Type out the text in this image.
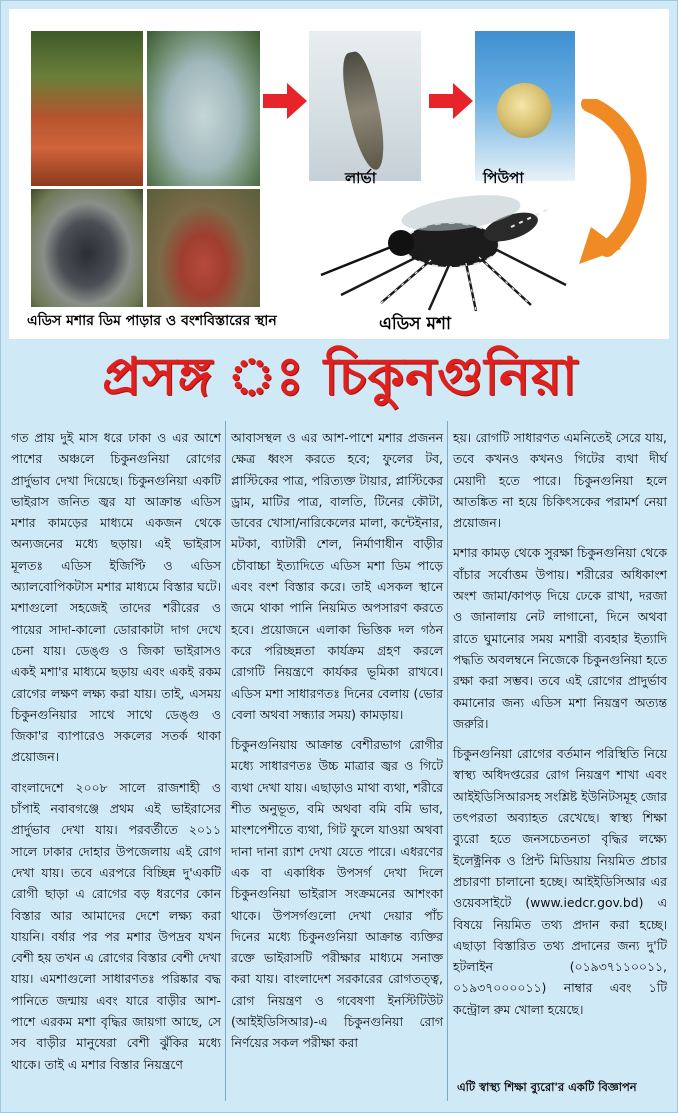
লার্ভা	পিউপা
এডিস মশার ডিম পাড়ার ও বংশবিস্তারের স্থান	এডিস মশা
প্রসঙ্গ ঃ চিকুনগুনিয়া

গত প্রায় দুই মাস ধরে ঢাকা ও এর আশে পাশের অঞ্চলে চিকুনগুনিয়া রোগের প্রার্দুভাব দেখা দিয়েছে। চিকুনগুনিয়া একটি ভাইরাস জনিত জ্বর যা আক্রান্ত এডিস মশার কামড়ের মাধ্যমে একজন থেকে অন্যজনের মধ্যে ছড়ায়। এই ভাইরাস মূলতঃ এডিস ইজিপ্টি ও এডিস অ্যালবোপিকটাস মশার মাধ্যমে বিস্তার ঘটে। মশাগুলো সহজেই তাদের শরীরের ও পায়ের সাদা-কালো ডোরাকাটা দাগ দেখে চেনা যায়। ডেঙ্গু ও জিকা ভাইরাসও একই মশা'র মাধ্যমে ছড়ায় এবং একই রকম রোগের লক্ষণ লক্ষ্য করা যায়। তাই, এসময় চিকুনগুনিয়ার সাথে সাথে ডেঙ্গু ও জিকা'র ব্যাপারেও সকলের সতর্ক থাকা প্রয়োজন।

বাংলাদেশে ২০০৮ সালে রাজশাহী ও চাঁপাই নবাবগঞ্জে প্রথম এই ভাইরাসের প্রার্দুভাব দেখা যায়। পরবর্তীতে ২০১১ সালে ঢাকার দোহার উপজেলায় এই রোগ দেখা যায়। তবে এরপরে বিচ্ছিন্ন দু'একটি রোগী ছাড়া এ রোগের বড় ধরণের কোন বিস্তার আর আমাদের দেশে লক্ষ্য করা যায়নি। বর্ষার পর পর মশার উপদ্রব যখন বেশী হয় তখন এ রোগের বিস্তার বেশী দেখা যায়। এমশাগুলো সাধারণতঃ পরিষ্কার বদ্ধ পানিতে জন্মায় এবং যারে বাড়ীর আশ-পাশে এরকম মশা বৃদ্ধির জায়গা আছে, সে সব বাড়ীর মানুষেরা বেশী ঝুঁকির মধ্যে থাকে। তাই এ মশার বিস্তার নিয়ন্ত্রণে

আবাসস্থল ও এর আশ-পাশে মশার প্রজনন ক্ষেত্র ধ্বংস করতে হবে; ফুলের টব, প্লাস্টিকের পাত্র, পরিত্যক্ত টায়ার, প্লাস্টিকের ড্রাম, মাটির পাত্র, বালতি, টিনের কৌটা, ডাবের খোসা/নারিকেলের মালা, কন্টেইনার, মটকা, ব্যাটারী শেল, নির্মাণাধীন বাড়ীর চৌবাচ্চা ইত্যাদিতে এডিস মশা ডিম পাড়ে এবং বংশ বিস্তার করে। তাই এসকল স্থানে জমে থাকা পানি নিয়মিত অপসারণ করতে হবে। প্রয়োজনে এলাকা ভিত্তিক দল গঠন করে পরিচ্ছন্নতা কার্যক্রম গ্রহণ করলে রোগটি নিয়ন্ত্রণে কার্যকর ভূমিকা রাখবে। এডিস মশা সাধারণতঃ দিনের বেলায় (ভোর বেলা অথবা সন্ধ্যার সময়) কামড়ায়।

চিকুনগুনিয়ায় আক্রান্ত বেশীরভাগ রোগীর মধ্যে সাধারণতঃ উচ্চ মাত্রার জ্বর ও গিটে ব্যথা দেখা যায়। এছাড়াও মাথা ব্যথা, শরীরে শীত অনুভূত, বমি অথবা বমি বমি ভাব, মাংশপেশীতে ব্যথা, গিট ফুলে যাওয়া অথবা দানা দানা র‌্যাশ দেখা যেতে পারে। এধরণের এক বা একাধিক উপসর্গ দেখা দিলে চিকুনগুনিয়া ভাইরাস সংক্রমনের আশংকা থাকে। উপসর্গগুলো দেখা দেয়ার পাঁচ দিনের মধ্যে চিকুনগুনিয়া আক্রান্ত ব্যক্তির রক্তে ভাইরাসটি পরীক্ষার মাধ্যমে সনাক্ত করা যায়। বাংলাদেশ সরকারের রোগতত্ত্ব, রোগ নিয়ন্ত্রণ ও গবেষণা ইনস্টিটিউট (আইইডিসিআর)-এ চিকুনগুনিয়া রোগ নির্ণয়ের সকল পরীক্ষা করা

হয়। রোগটি সাধারণত এমনিতেই সেরে যায়, তবে কখনও কখনও গিটের ব্যথা দীর্ঘ মেয়াদী হতে পারে। চিকুনগুনিয়া হলে আতঙ্কিত না হয়ে চিকিৎসকের পরামর্শ নেয়া প্রয়োজন।

মশার কামড় থেকে সুরক্ষা চিকুনগুনিয়া থেকে বাঁচার সর্বোত্তম উপায়। শরীরের অধিকাংশ অংশ জামা/কাপড় দিয়ে ঢেকে রাখা, দরজা ও জানালায় নেট লাগানো, দিনে অথবা রাতে ঘুমানোর সময় মশারী ব্যবহার ইত্যাদি পদ্ধতি অবলম্বনে নিজেকে চিকুনগুনিয়া হতে রক্ষা করা সম্ভব। তবে এই রোগের প্রাদুর্ভাব কমানোর জন্য এডিস মশা নিয়ন্ত্রণ অত্যন্ত জরুরি।

চিকুনগুনিয়া রোগের বর্তমান পরিস্থিতি নিয়ে স্বাস্থ্য অধিদপ্তরের রোগ নিয়ন্ত্রণ শাখা এবং আইইডিসিআরসহ সংশ্লিষ্ট ইউনিটসমূহ জোর তৎপরতা অব্যাহত রেখেছে। স্বাস্থ্য শিক্ষা ব্যুরো হতে জনসচেতনতা বৃদ্ধির লক্ষ্যে ইলেক্ট্রনিক ও প্রিন্ট মিডিয়ায় নিয়মিত প্রচার প্রচারণা চালানো হচ্ছে। আইইডিসিআর এর ওয়েবসাইটে (www.iedcr.gov.bd) এ বিষয়ে নিয়মিত তথ্য প্রদান করা হচ্ছে। এছাড়া বিস্তারিত তথ্য প্রদানের জন্য দু'টি হটলাইন (০১৯৩৭১১০০১১, ০১৯৩৭০০০০১১) নাম্বার এবং ১টি কন্ট্রোল রুম খোলা হয়েছে।

এটি স্বাস্থ্য শিক্ষা ব্যুরো'র একটি বিজ্ঞাপন
